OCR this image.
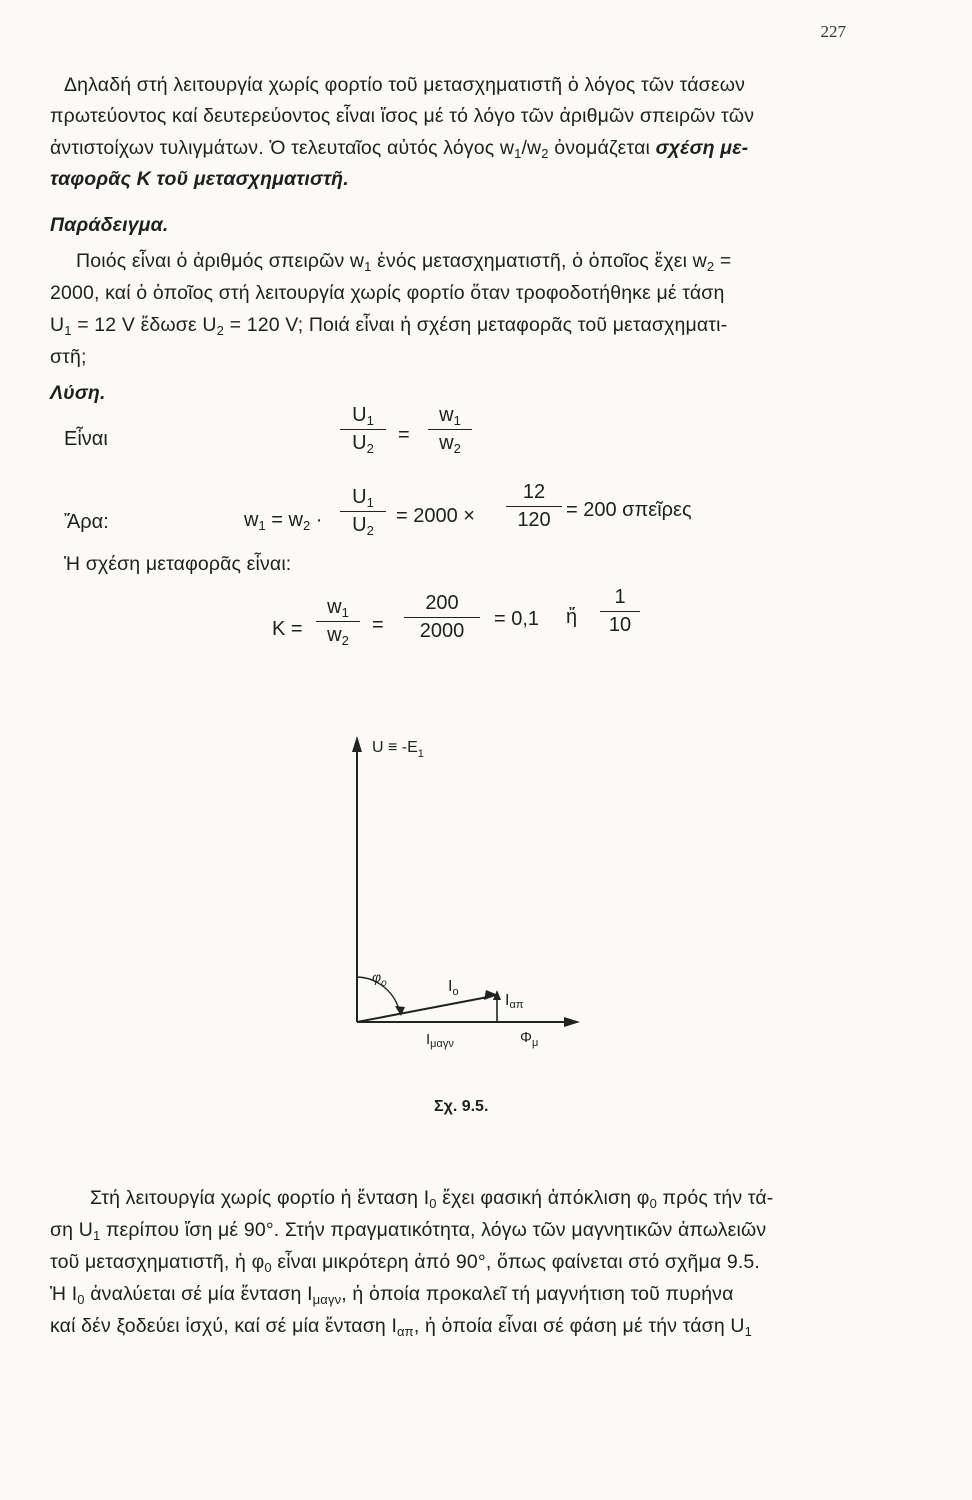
227
Δηλαδή στή λειτουργία χωρίς φορτίο τοῦ μετασχηματιστῆ ὁ λόγος τῶν τάσεων
πρωτεύοντος καί δευτερεύοντος εἶναι ἴσος μέ τό λόγο τῶν ἀριθμῶν σπειρῶν τῶν
ἀντιστοίχων τυλιγμάτων. Ὁ τελευταῖος αὐτός λόγος $w_1/w_2$ ὀνομάζεται σχέση με-
ταφορᾶς K τοῦ μετασχηματιστῆ.
Παράδειγμα.
Ποιός εἶναι ὁ ἀριθμός σπειρῶν $w_1$ ἑνός μετασχηματιστῆ, ὁ ὁποῖος ἔχει $w_2$ =
2000, καί ὁ ὁποῖος στή λειτουργία χωρίς φορτίο ὅταν τροφοδοτήθηκε μέ τάση
$U_1 = 12$ V ἔδωσε $U_2 = 120$ V; Ποιά εἶναι ἡ σχέση μεταφορᾶς τοῦ μετασχηματι-
στῆ;
Λύση.
Εἶναι
$U_1$
$U_2$
=
$w_1$
$w_2$
Ἄρα:	$w_1 = w_2$ ·
$U_1$
$U_2$
= 2000 ×
12
120 = 200 σπεῖρες
Ἡ σχέση μεταφορᾶς εἶναι:
K =
$w_1$
$w_2$
=
200
2000
= 0,1 ἤ
1
10
$U \equiv -E_1$
$\varphi_o$	$I_o$	Iαπ
$I_{\mu\alpha\gamma\nu}$	$\Phi_\mu$
Σχ. 9.5.
Στή λειτουργία χωρίς φορτίο ἡ ἔνταση $I_0$ ἔχει φασική ἀπόκλιση $\varphi_0$ πρός τήν τά-
ση $U_1$ περίπου ἴση μέ 90°. Στήν πραγματικότητα, λόγω τῶν μαγνητικῶν ἀπωλειῶν
τοῦ μετασχηματιστῆ, ἡ $\varphi_0$ εἶναι μικρότερη ἀπό 90°, ὅπως φαίνεται στό σχῆμα 9.5.
Ἡ $I_0$ ἀναλύεται σέ μία ἔνταση $I_{\mu\alpha\gamma\nu}$, ἡ ὁποία προκαλεῖ τή μαγνήτιση τοῦ πυρήνα
καί δέν ξοδεύει ἰσχύ, καί σέ μία ἔνταση $I_{\alpha\pi}$, ἡ ὁποία εἶναι σέ φάση μέ τήν τάση $U_1$
